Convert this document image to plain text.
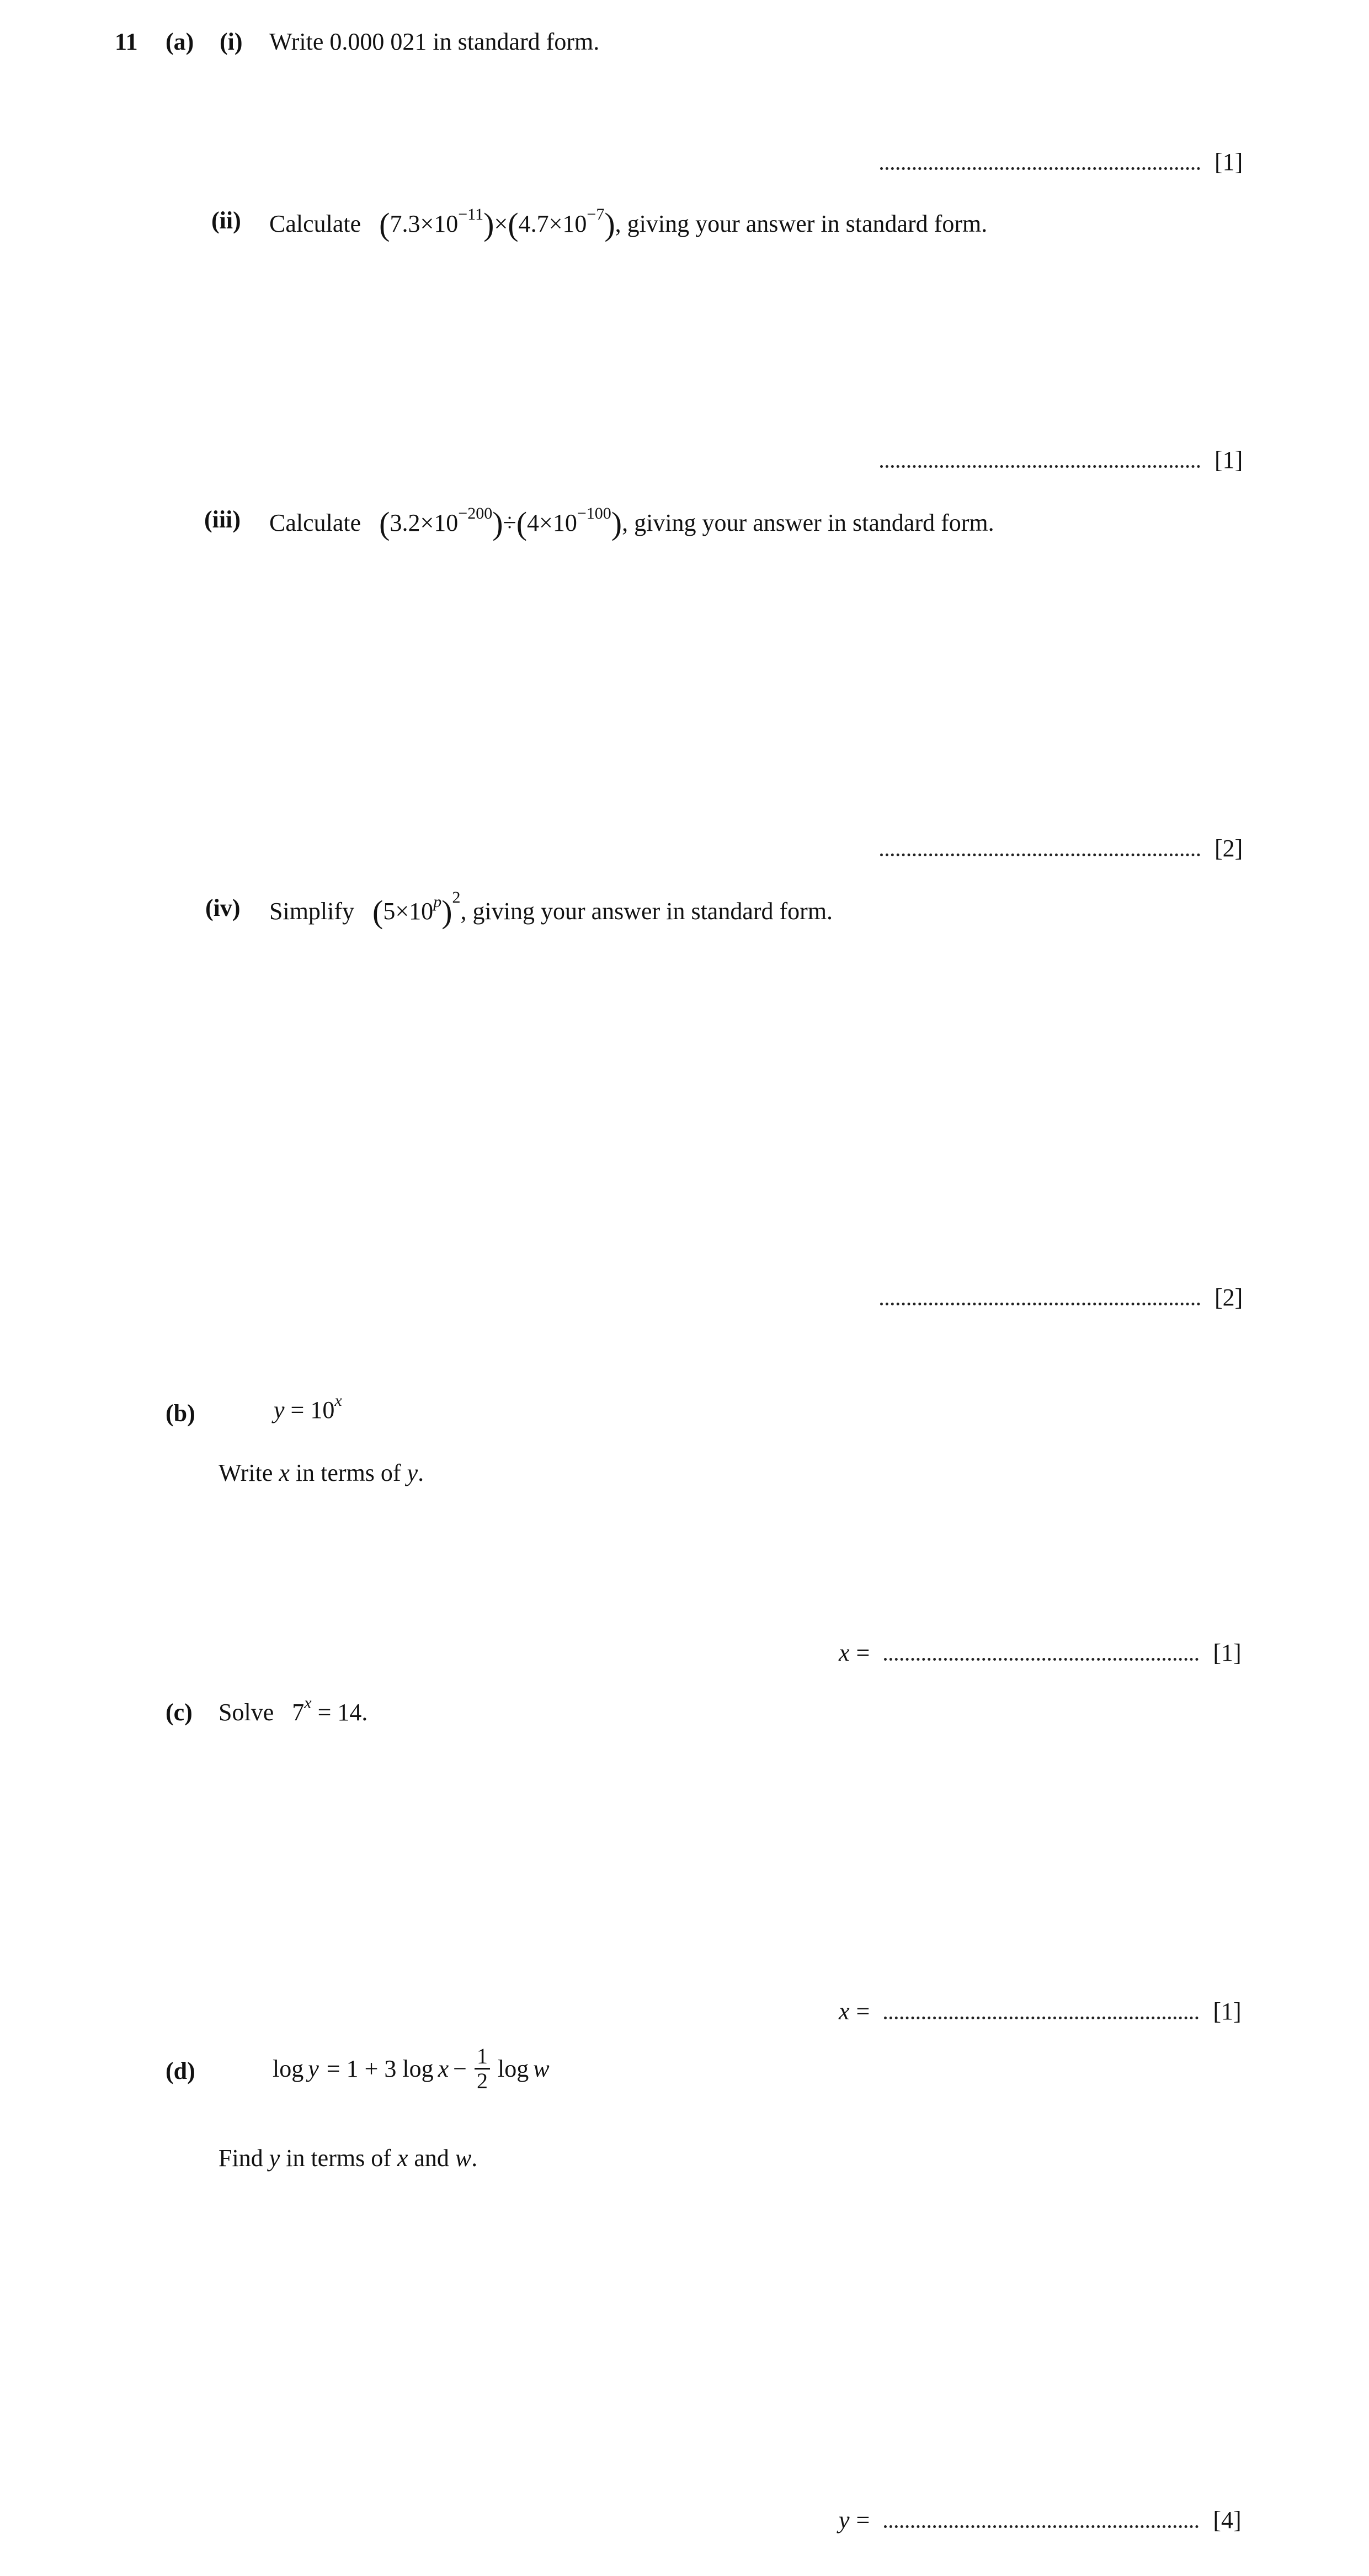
11 (a) (i) Write 0.000 021 in standard form.
[1]
(ii) Calculate $(7.3\times 10^{-11})\times(4.7\times 10^{-7})$, giving your answer in standard form.
[1]
(iii) Calculate $(3.2\times 10^{-200})\div(4\times 10^{-100})$, giving your answer in standard form.
[2]
(iv) Simplify $(5\times 10^p)^2$, giving your answer in standard form.
[2]
(b)	$y = 10^x$
Write x in terms of y.
x =	[1]
(c) Solve $7^x = 14$.
x =	[1]
(d)	log y = 1 + 3 $\log x - \frac{1}{2}$ log w
Find y in terms of x and w.
y =	[4]
